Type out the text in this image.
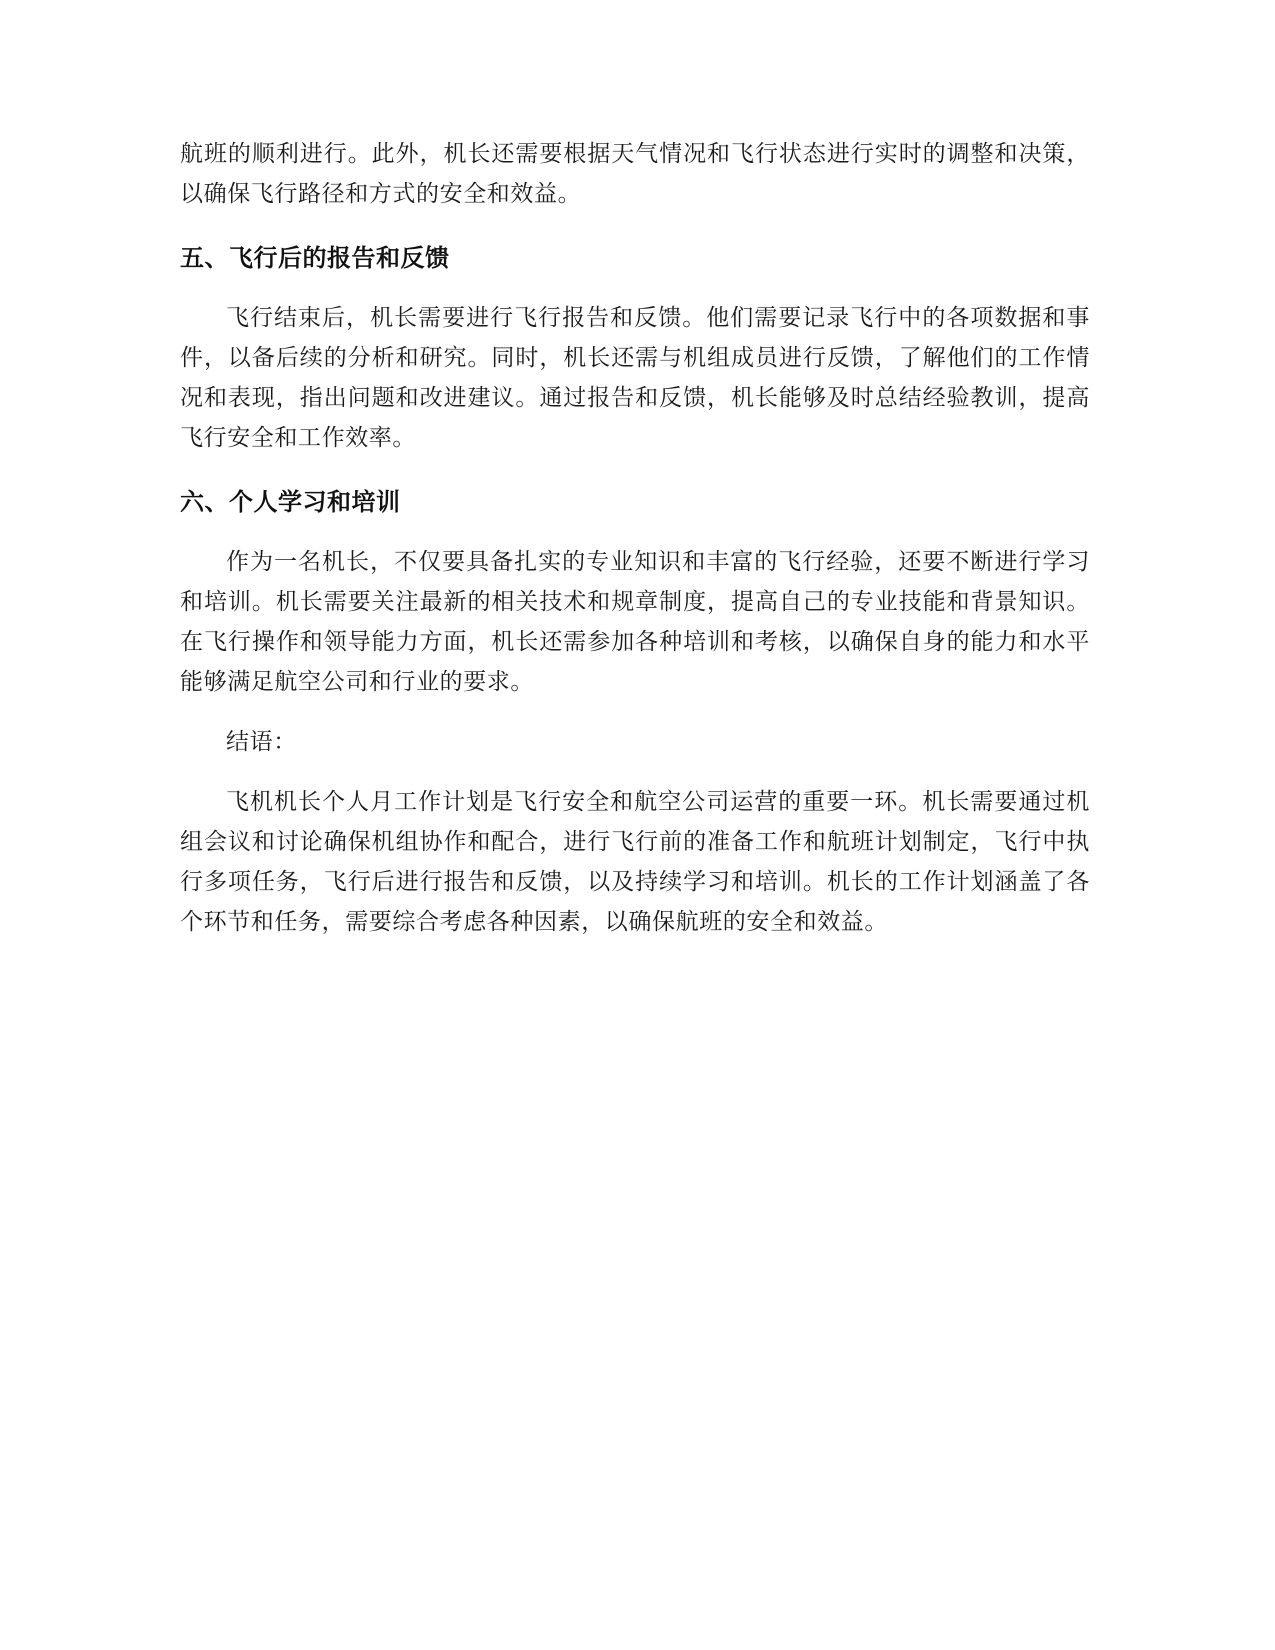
航班的顺利进行。此外，机长还需要根据天气情况和飞行状态进行实时的调整和决策，以确保飞行路径和方式的安全和效益。

五、飞行后的报告和反馈

飞行结束后，机长需要进行飞行报告和反馈。他们需要记录飞行中的各项数据和事件，以备后续的分析和研究。同时，机长还需与机组成员进行反馈，了解他们的工作情况和表现，指出问题和改进建议。通过报告和反馈，机长能够及时总结经验教训，提高飞行安全和工作效率。

六、个人学习和培训

作为一名机长，不仅要具备扎实的专业知识和丰富的飞行经验，还要不断进行学习和培训。机长需要关注最新的相关技术和规章制度，提高自己的专业技能和背景知识。在飞行操作和领导能力方面，机长还需参加各种培训和考核，以确保自身的能力和水平能够满足航空公司和行业的要求。

结语：

飞机机长个人月工作计划是飞行安全和航空公司运营的重要一环。机长需要通过机组会议和讨论确保机组协作和配合，进行飞行前的准备工作和航班计划制定，飞行中执行多项任务，飞行后进行报告和反馈，以及持续学习和培训。机长的工作计划涵盖了各个环节和任务，需要综合考虑各种因素，以确保航班的安全和效益。
